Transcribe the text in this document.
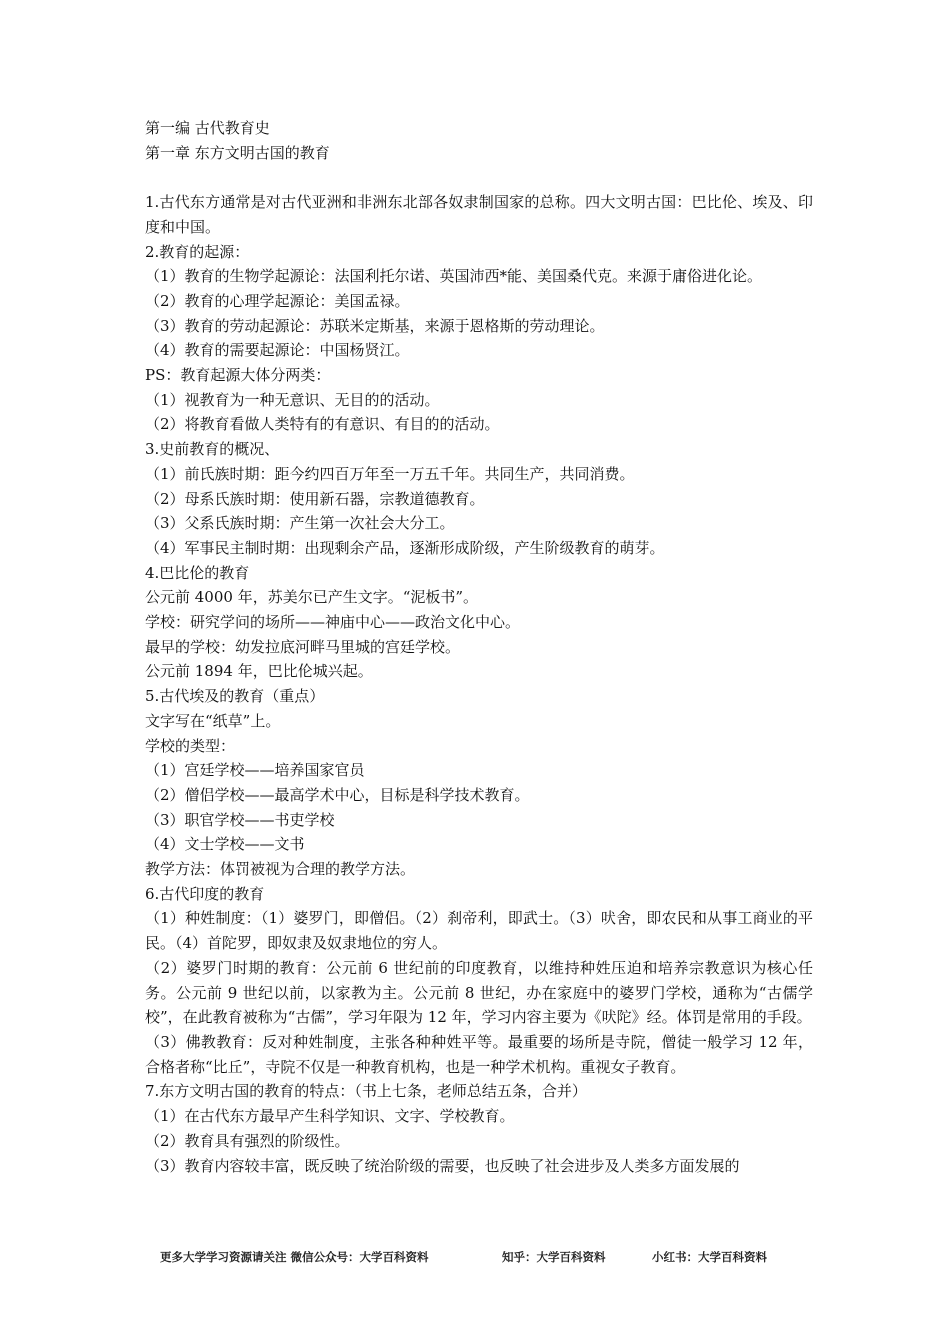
第一编 古代教育史
第一章 东方文明古国的教育
1.古代东方通常是对古代亚洲和非洲东北部各奴隶制国家的总称。四大文明古国：巴比伦、埃及、印度和中国。
2.教育的起源：
（1）教育的生物学起源论：法国利托尔诺、英国沛西*能、美国桑代克。来源于庸俗进化论。
（2）教育的心理学起源论：美国孟禄。
（3）教育的劳动起源论：苏联米定斯基，来源于恩格斯的劳动理论。
（4）教育的需要起源论：中国杨贤江。
PS：教育起源大体分两类：
（1）视教育为一种无意识、无目的的活动。
（2）将教育看做人类特有的有意识、有目的的活动。
3.史前教育的概况、
（1）前氏族时期：距今约四百万年至一万五千年。共同生产，共同消费。
（2）母系氏族时期：使用新石器，宗教道德教育。
（3）父系氏族时期：产生第一次社会大分工。
（4）军事民主制时期：出现剩余产品，逐渐形成阶级，产生阶级教育的萌芽。
4.巴比伦的教育
公元前 4000 年，苏美尔已产生文字。“泥板书”。
学校：研究学问的场所——神庙中心——政治文化中心。
最早的学校：幼发拉底河畔马里城的宫廷学校。
公元前 1894 年，巴比伦城兴起。
5.古代埃及的教育（重点）
文字写在“纸草”上。
学校的类型：
（1）宫廷学校——培养国家官员
（2）僧侣学校——最高学术中心，目标是科学技术教育。
（3）职官学校——书吏学校
（4）文士学校——文书
教学方法：体罚被视为合理的教学方法。
6.古代印度的教育
（1）种姓制度：（1）婆罗门，即僧侣。（2）刹帝利，即武士。（3）吠舍，即农民和从事工商业的平民。（4）首陀罗，即奴隶及奴隶地位的穷人。
（2）婆罗门时期的教育：公元前 6 世纪前的印度教育，以维持种姓压迫和培养宗教意识为核心任务。公元前 9 世纪以前，以家教为主。公元前 8 世纪，办在家庭中的婆罗门学校，通称为“古儒学校”，在此教育被称为“古儒”，学习年限为 12 年，学习内容主要为《吠陀》经。体罚是常用的手段。
（3）佛教教育：反对种姓制度，主张各种种姓平等。最重要的场所是寺院，僧徒一般学习 12 年，合格者称“比丘”，寺院不仅是一种教育机构，也是一种学术机构。重视女子教育。
7.东方文明古国的教育的特点：（书上七条，老师总结五条，合并）
（1）在古代东方最早产生科学知识、文字、学校教育。
（2）教育具有强烈的阶级性。
（3）教育内容较丰富，既反映了统治阶级的需要，也反映了社会进步及人类多方面发展的
更多大学学习资源请关注 微信公众号：大学百科资料	知乎：大学百科资料	小红书：大学百科资料
